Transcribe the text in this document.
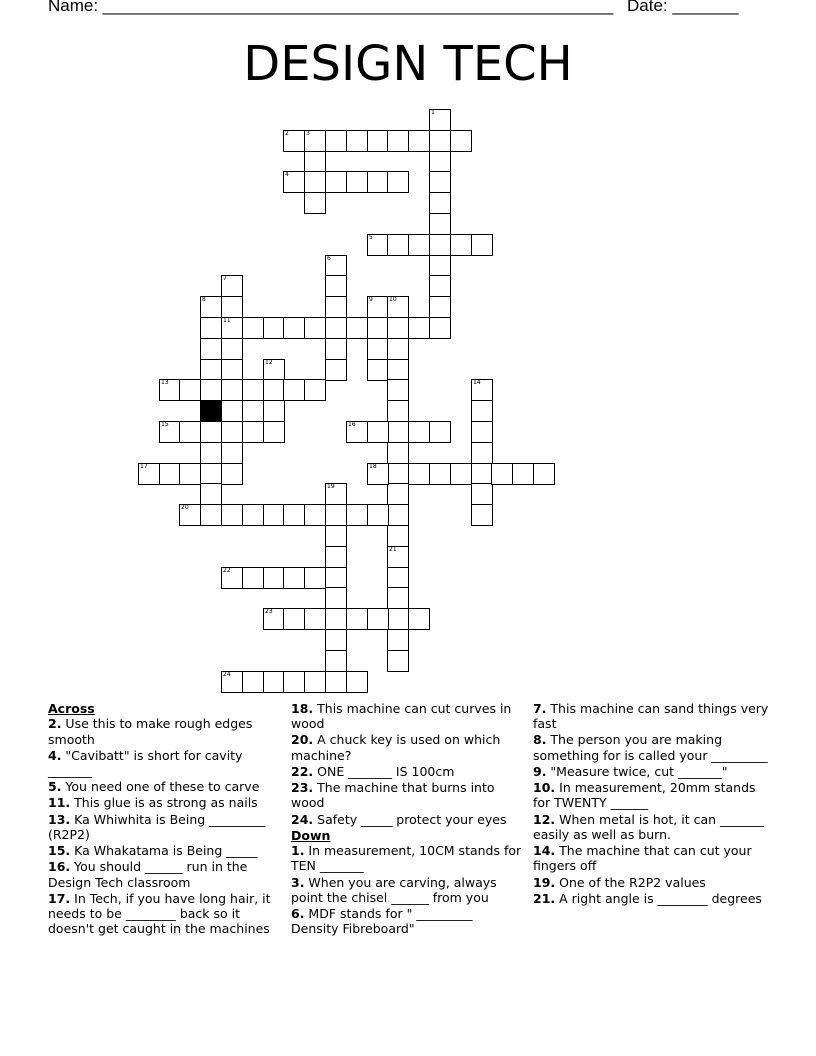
Name: ______________________________________________________ Date: _______
DESIGN TECH
1
2	3
4
5
6
7
11
8	9	10
12
13	14
15	16
17	18
19
20
21
22
23
24
Across
2. Use this to make rough edges smooth
4. "Cavibatt" is short for cavity _______
5. You need one of these to carve
11. This glue is as strong as nails
13. Ka Whiwhita is Being _________ (R2P2)
15. Ka Whakatama is Being _____
16. You should ______ run in the Design Tech classroom
17. In Tech, if you have long hair, it needs to be ________ back so it doesn't get caught in the machines
18. This machine can cut curves in wood
20. A chuck key is used on which machine?
22. ONE _______ IS 100cm
23. The machine that burns into wood
24. Safety _____ protect your eyes
Down
1. In measurement, 10CM stands for TEN _______
3. When you are carving, always point the chisel ______ from you
6. MDF stands for " _________ Density Fibreboard"
7. This machine can sand things very fast
8. The person you are making something for is called your _________
9. "Measure twice, cut _______"
10. In measurement, 20mm stands for TWENTY ______
12. When metal is hot, it can _______ easily as well as burn.
14. The machine that can cut your fingers off
19. One of the R2P2 values
21. A right angle is ________ degrees
